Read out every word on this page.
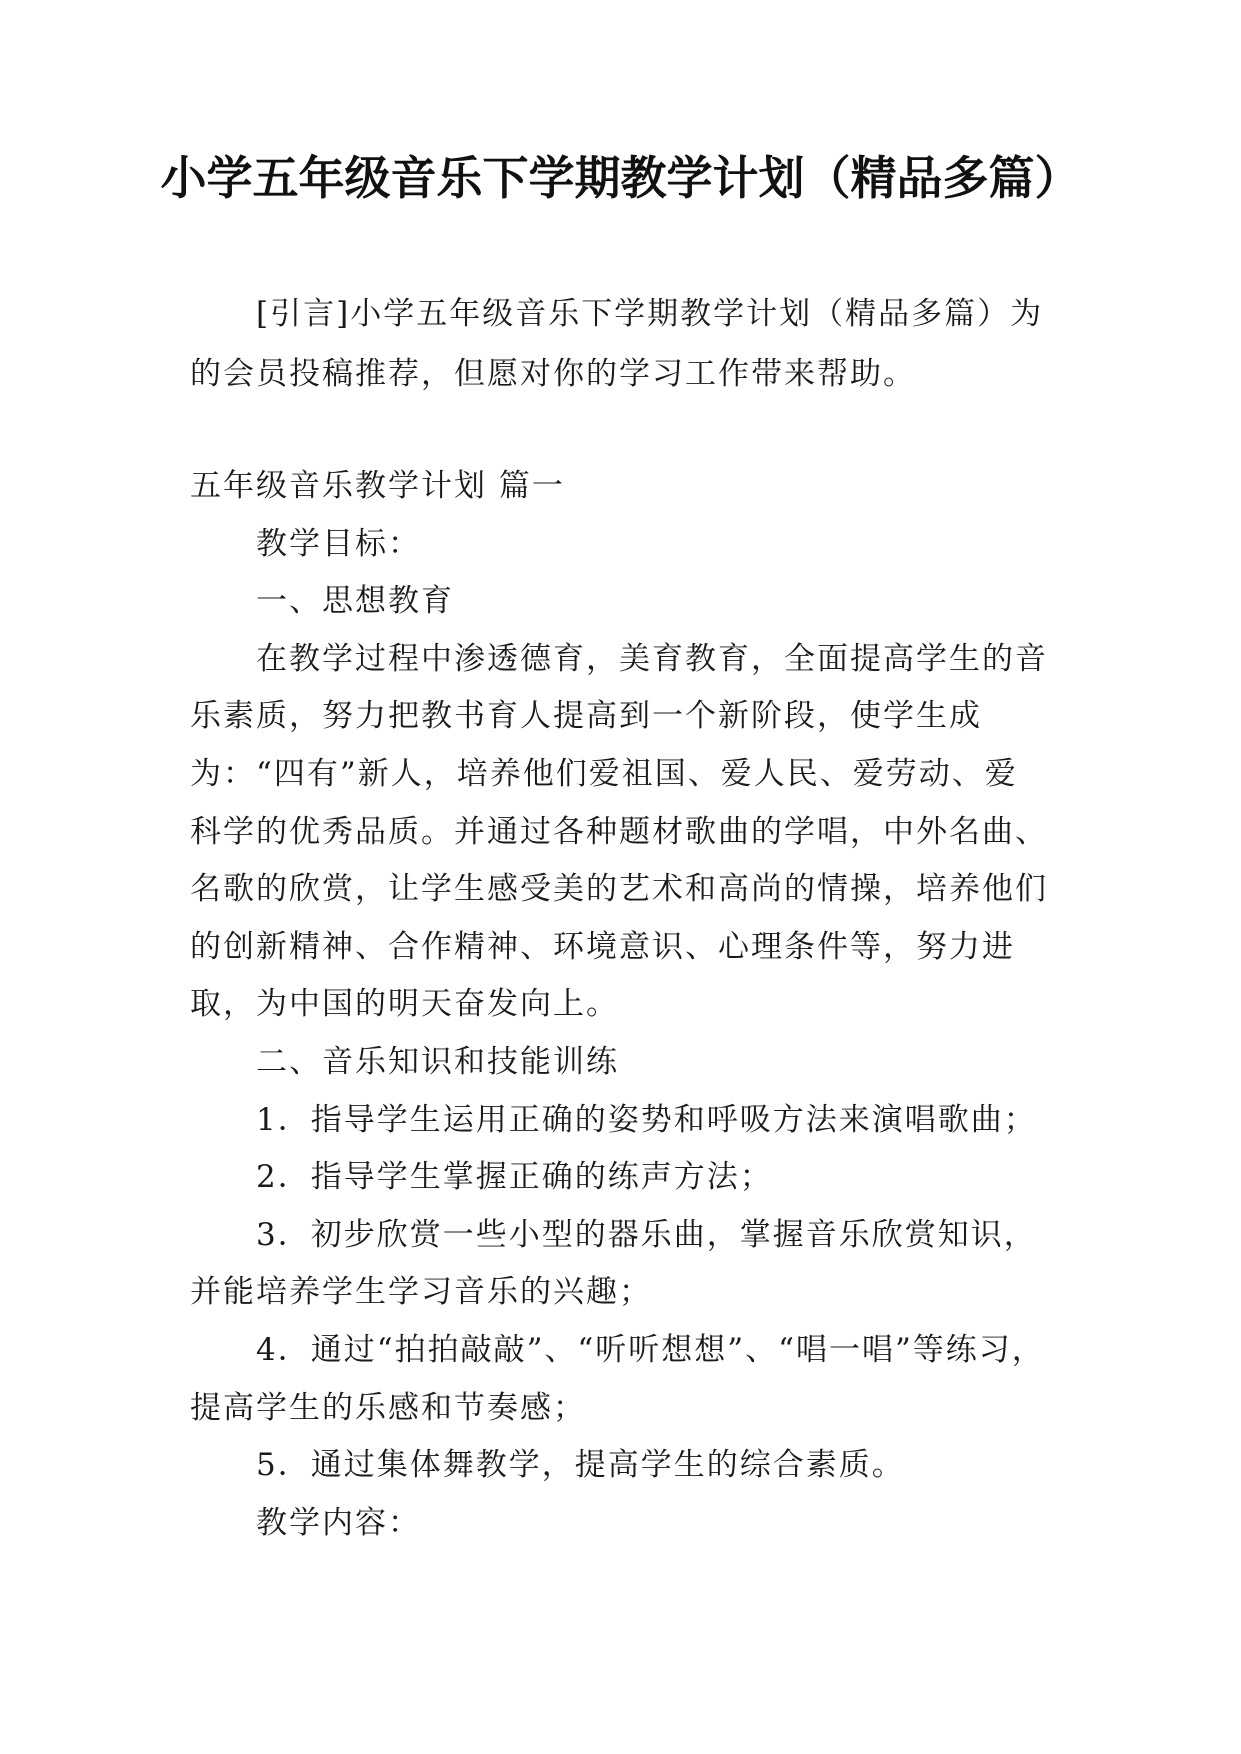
小学五年级音乐下学期教学计划（精品多篇）

[引言]小学五年级音乐下学期教学计划（精品多篇）为的会员投稿推荐，但愿对你的学习工作带来帮助。

五年级音乐教学计划 篇一

教学目标：

一、思想教育

在教学过程中渗透德育，美育教育，全面提高学生的音乐素质，努力把教书育人提高到一个新阶段，使学生成为：“四有”新人，培养他们爱祖国、爱人民、爱劳动、爱科学的优秀品质。并通过各种题材歌曲的学唱，中外名曲、名歌的欣赏，让学生感受美的艺术和高尚的情操，培养他们的创新精神、合作精神、环境意识、心理条件等，努力进取，为中国的明天奋发向上。

二、音乐知识和技能训练

1．指导学生运用正确的姿势和呼吸方法来演唱歌曲；

2．指导学生掌握正确的练声方法；

3．初步欣赏一些小型的器乐曲，掌握音乐欣赏知识，并能培养学生学习音乐的兴趣；

4．通过“拍拍敲敲”、“听听想想”、“唱一唱”等练习，提高学生的乐感和节奏感；

5．通过集体舞教学，提高学生的综合素质。

教学内容：
